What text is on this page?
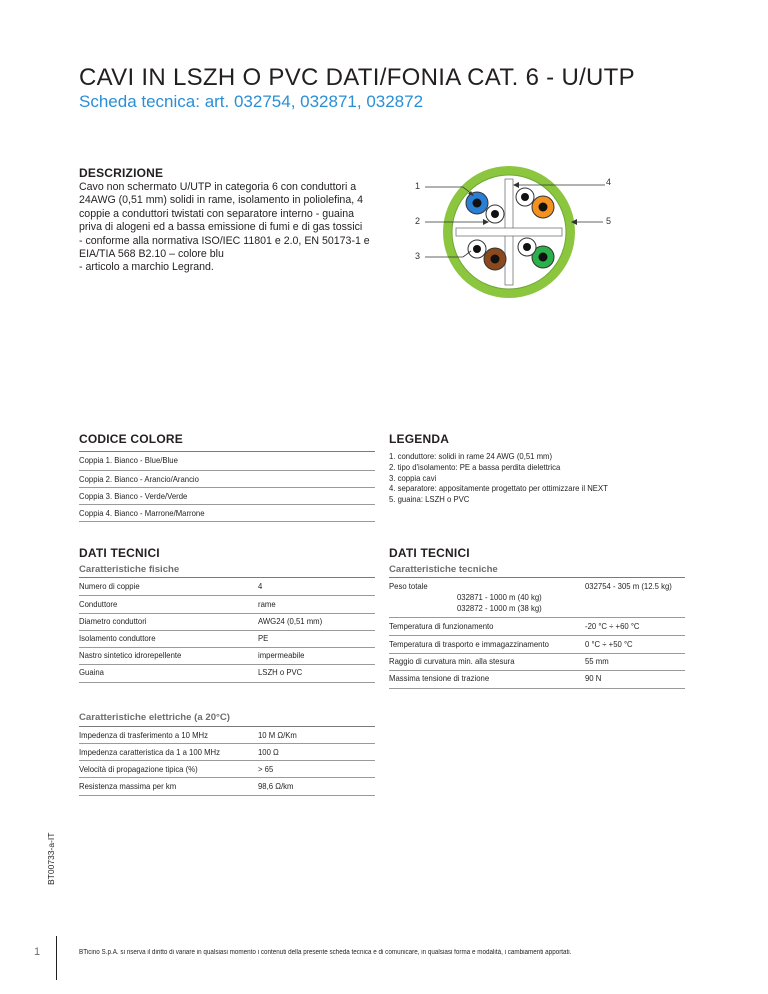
CAVI IN LSZH O PVC DATI/FONIA CAT. 6 - U/UTP
Scheda tecnica: art. 032754, 032871, 032872
DESCRIZIONE
Cavo non schermato U/UTP in categoria 6 con conduttori a
24AWG (0,51 mm) solidi in rame, isolamento in poliolefina, 4
coppie a conduttori twistati con separatore interno - guaina
priva di alogeni ed a bassa emissione di fumi e di gas tossici
- conforme alla normativa ISO/IEC 11801 e 2.0, EN 50173-1 e
EIA/TIA 568 B2.10 – colore blu
- articolo a marchio Legrand.
1
2
3
4
5
CODICE COLORE
Coppia 1. Bianco - Blue/Blue
Coppia 2. Bianco - Arancio/Arancio
Coppia 3. Bianco - Verde/Verde
Coppia 4. Bianco - Marrone/Marrone
LEGENDA
1. conduttore: solidi in rame 24 AWG (0,51 mm)
2. tipo d'isolamento: PE a bassa perdita dielettrica
3. coppia cavi
4. separatore: appositamente progettato per ottimizzare il NEXT
5. guaina: LSZH o PVC
DATI TECNICI
Caratteristiche fisiche
Numero di coppie	4
Conduttore	rame
Diametro conduttori	AWG24 (0,51 mm)
Isolamento conduttore	PE
Nastro sintetico idrorepellente	impermeabile
Guaina	LSZH o PVC
DATI TECNICI
Caratteristiche tecniche
Peso totale	032754 - 305 m (12.5 kg)
032871 - 1000 m (40 kg)
032872 - 1000 m (38 kg)
Temperatura di funzionamento	-20 °C ÷ +60 °C
Temperatura di trasporto e immagazzinamento	0 °C ÷ +50 °C
Raggio di curvatura min. alla stesura	55 mm
Massima tensione di trazione	90 N
Caratteristiche elettriche (a 20°C)
Impedenza di trasferimento a 10 MHz	10 M Ω/Km
Impedenza caratteristica da 1 a 100 MHz	100 Ω
Velocità di propagazione tipica (%)	> 65
Resistenza massima per km	98,6 Ω/km
BT00733-a-IT
1	BTicino S.p.A. si riserva il diritto di variare in qualsiasi momento i contenuti della presente scheda tecnica e di comunicare, in qualsiasi forma e modalità, i cambiamenti apportati.
